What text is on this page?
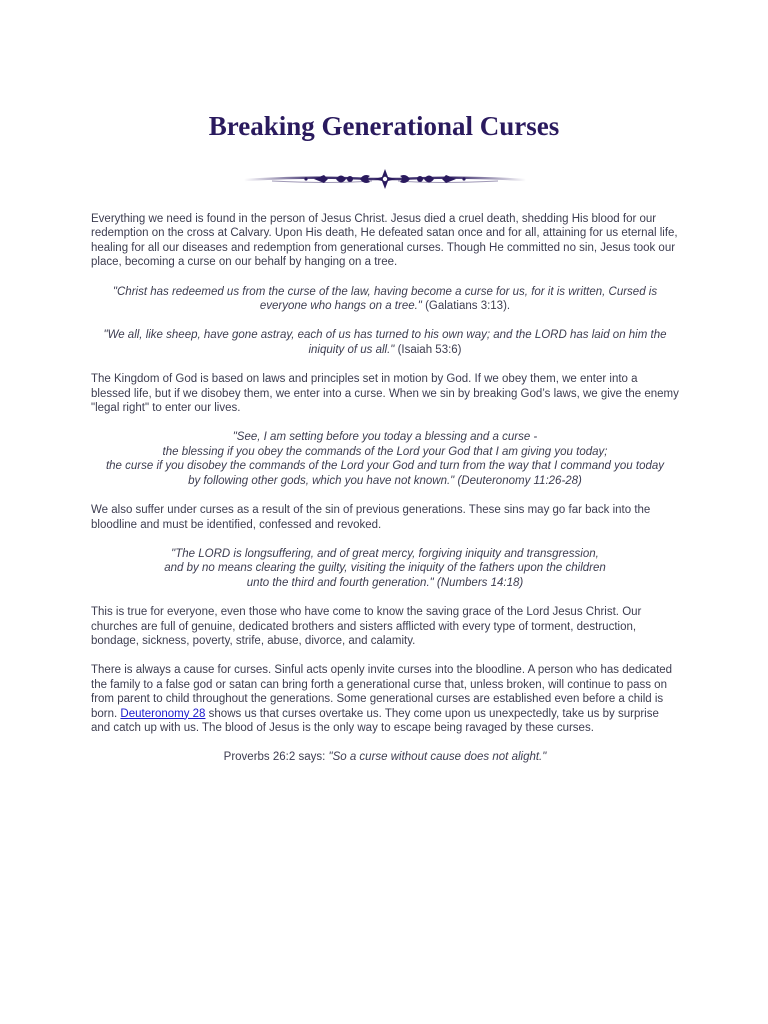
Breaking Generational Curses

Everything we need is found in the person of Jesus Christ. Jesus died a cruel death, shedding His blood for our redemption on the cross at Calvary. Upon His death, He defeated satan once and for all, attaining for us eternal life, healing for all our diseases and redemption from generational curses. Though He committed no sin, Jesus took our place, becoming a curse on our behalf by hanging on a tree.

"Christ has redeemed us from the curse of the law, having become a curse for us, for it is written, Cursed is everyone who hangs on a tree." (Galatians 3:13).

"We all, like sheep, have gone astray, each of us has turned to his own way; and the LORD has laid on him the iniquity of us all." (Isaiah 53:6)

The Kingdom of God is based on laws and principles set in motion by God. If we obey them, we enter into a blessed life, but if we disobey them, we enter into a curse. When we sin by breaking God’s laws, we give the enemy "legal right" to enter our lives.

"See, I am setting before you today a blessing and a curse -
the blessing if you obey the commands of the Lord your God that I am giving you today;
the curse if you disobey the commands of the Lord your God and turn from the way that I command you today
by following other gods, which you have not known." (Deuteronomy 11:26-28)

We also suffer under curses as a result of the sin of previous generations. These sins may go far back into the bloodline and must be identified, confessed and revoked.

"The LORD is longsuffering, and of great mercy, forgiving iniquity and transgression,
and by no means clearing the guilty, visiting the iniquity of the fathers upon the children
unto the third and fourth generation." (Numbers 14:18)

This is true for everyone, even those who have come to know the saving grace of the Lord Jesus Christ. Our churches are full of genuine, dedicated brothers and sisters afflicted with every type of torment, destruction, bondage, sickness, poverty, strife, abuse, divorce, and calamity.

There is always a cause for curses. Sinful acts openly invite curses into the bloodline. A person who has dedicated the family to a false god or satan can bring forth a generational curse that, unless broken, will continue to pass on from parent to child throughout the generations. Some generational curses are established even before a child is born. Deuteronomy 28 shows us that curses overtake us. They come upon us unexpectedly, take us by surprise and catch up with us. The blood of Jesus is the only way to escape being ravaged by these curses.

Proverbs 26:2 says: "So a curse without cause does not alight."
